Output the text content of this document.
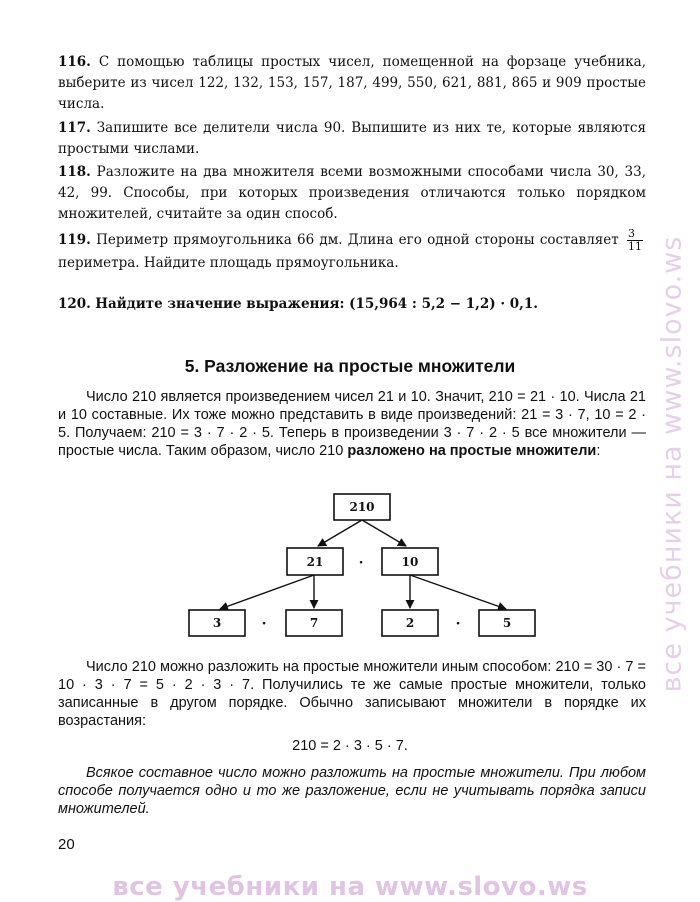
116. С помощью таблицы простых чисел, помещенной на форзаце учебника, выберите из чисел 122, 132, 153, 157, 187, 499, 550, 621, 881, 865 и 909 простые числа.
117. Запишите все делители числа 90. Выпишите из них те, которые являются простыми числами.
118. Разложите на два множителя всеми возможными способами числа 30, 33, 42, 99. Способы, при которых произведения отличаются только порядком множителей, считайте за один способ.
119. Периметр прямоугольника 66 дм. Длина его одной стороны составляет $\frac{3}{11}$
периметра. Найдите площадь прямоугольника.
120. Найдите значение выражения: (15,964 : 5,2 − 1,2) · 0,1.
5. Разложение на простые множители
Число 210 является произведением чисел 21 и 10. Значит, 210 = 21 · 10. Числа 21 и 10 составные. Их тоже можно представить в виде произведений: 21 = 3 · 7, 10 = 2 · 5. Получаем: 210 = 3 · 7 · 2 · 5. Теперь в произведении 3 · 7 · 2 · 5 все множители — простые числа. Таким образом, число 210 разложено на простые множители:
210
21	·	10
3	·	7	2	·	5
Число 210 можно разложить на простые множители иным способом: 210 = 30 · 7 = 10 · 3 · 7 = 5 · 2 · 3 · 7. Получились те же самые простые множители, только записанные в другом порядке. Обычно записывают множители в порядке их возрастания:
210 = 2 · 3 · 5 · 7.
Всякое составное число можно разложить на простые множители. При любом способе получается одно и то же разложение, если не учитывать порядка записи множителей.
20
все учебники на www.slovo.ws
все учебники на www.slovo.ws
